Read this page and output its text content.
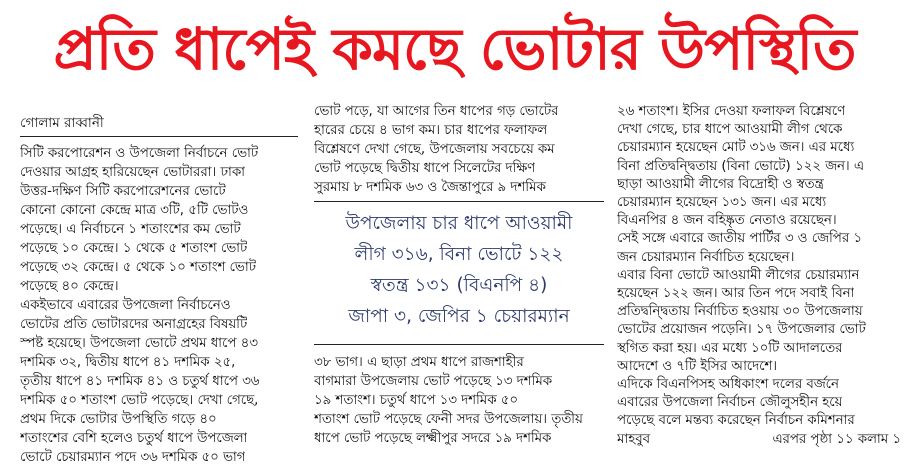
প্রতি ধাপেই কমছে ভোটার উপস্থিতি
গোলাম রাব্বানী
সিটি করপোরেশন ও উপজেলা নির্বাচনে ভোট
দেওয়ার আগ্রহ হারিয়েছেন ভোটাররা। ঢাকা
উত্তর-দক্ষিণ সিটি করপোরেশনের ভোটে
কোনো কোনো কেন্দ্রে মাত্র ৩টি, ৫টি ভোটও
পড়েছে। এ নির্বাচনে ১ শতাংশের কম ভোট
পড়েছে ১০ কেন্দ্রে। ১ থেকে ৫ শতাংশ ভোট
পড়েছে ৩২ কেন্দ্রে। ৫ থেকে ১০ শতাংশ ভোট
পড়েছে ৪০ কেন্দ্রে।
একইভাবে এবারের উপজেলা নির্বাচনেও
ভোটের প্রতি ভোটারদের অনাগ্রহের বিষয়টি
স্পষ্ট হয়েছে। উপজেলা ভোটে প্রথম ধাপে ৪৩
দশমিক ৩২, দ্বিতীয় ধাপে ৪১ দশমিক ২৫,
তৃতীয় ধাপে ৪১ দশমিক ৪১ ও চতুর্থ ধাপে ৩৬
দশমিক ৫০ শতাংশ ভোট পড়েছে। দেখা গেছে,
প্রথম দিকে ভোটার উপস্থিতি গড়ে ৪০
শতাংশের বেশি হলেও চতুর্থ ধাপে উপজেলা
ভোটে চেয়ারম্যান পদে ৩৬ দশমিক ৫০ ভাগ
ভোট পড়ে, যা আগের তিন ধাপের গড় ভোটের
হারের চেয়ে ৪ ভাগ কম। চার ধাপের ফলাফল
বিশ্লেষণে দেখা গেছে, উপজেলায় সবচেয়ে কম
ভোট পড়েছে দ্বিতীয় ধাপে সিলেটের দক্ষিণ
সুরমায় ৮ দশমিক ৬৩ ও জৈন্তাপুরে ৯ দশমিক
উপজেলায় চার ধাপে আওয়ামী
লীগ ৩১৬, বিনা ভোটে ১২২
স্বতন্ত্র ১৩১ (বিএনপি ৪)
জাপা ৩, জেপির ১ চেয়ারম্যান
৩৮ ভাগ। এ ছাড়া প্রথম ধাপে রাজশাহীর
বাগমারা উপজেলায় ভোট পড়েছে ১৩ দশমিক
১৯ শতাংশ। চতুর্থ ধাপে ১৩ দশমিক ৫০
শতাংশ ভোট পড়েছে ফেনী সদর উপজেলায়। তৃতীয়
ধাপে ভোট পড়েছে লক্ষ্মীপুর সদরে ১৯ দশমিক
২৬ শতাংশ। ইসির দেওয়া ফলাফল বিশ্লেষণে
দেখা গেছে, চার ধাপে আওয়ামী লীগ থেকে
চেয়ারম্যান হয়েছেন মোট ৩১৬ জন। এর মধ্যে
বিনা প্রতিদ্বন্দ্বিতায় (বিনা ভোটে) ১২২ জন। এ
ছাড়া আওয়ামী লীগের বিদ্রোহী ও স্বতন্ত্র
চেয়ারম্যান হয়েছেন ১৩১ জন। এর মধ্যে
বিএনপির ৪ জন বহিষ্কৃত নেতাও রয়েছেন।
সেই সঙ্গে এবারে জাতীয় পার্টির ৩ ও জেপির ১
জন চেয়ারম্যান নির্বাচিত হয়েছেন।
এবার বিনা ভোটে আওয়ামী লীগের চেয়ারম্যান
হয়েছেন ১২২ জন। আর তিন পদে সবাই বিনা
প্রতিদ্বন্দ্বিতায় নির্বাচিত হওয়ায় ৩০ উপজেলায়
ভোটের প্রয়োজন পড়েনি। ১৭ উপজেলার ভোট
স্থগিত করা হয়। এর মধ্যে ১০টি আদালতের
আদেশে ও ৭টি ইসির আদেশে।
এদিকে বিএনপিসহ অধিকাংশ দলের বর্জনে
এবারের উপজেলা নির্বাচন জৌলুসহীন হয়ে
পড়েছে বলে মন্তব্য করেছেন নির্বাচন কমিশনার
মাহবুব	এরপর পৃষ্ঠা ১১ কলাম ১
